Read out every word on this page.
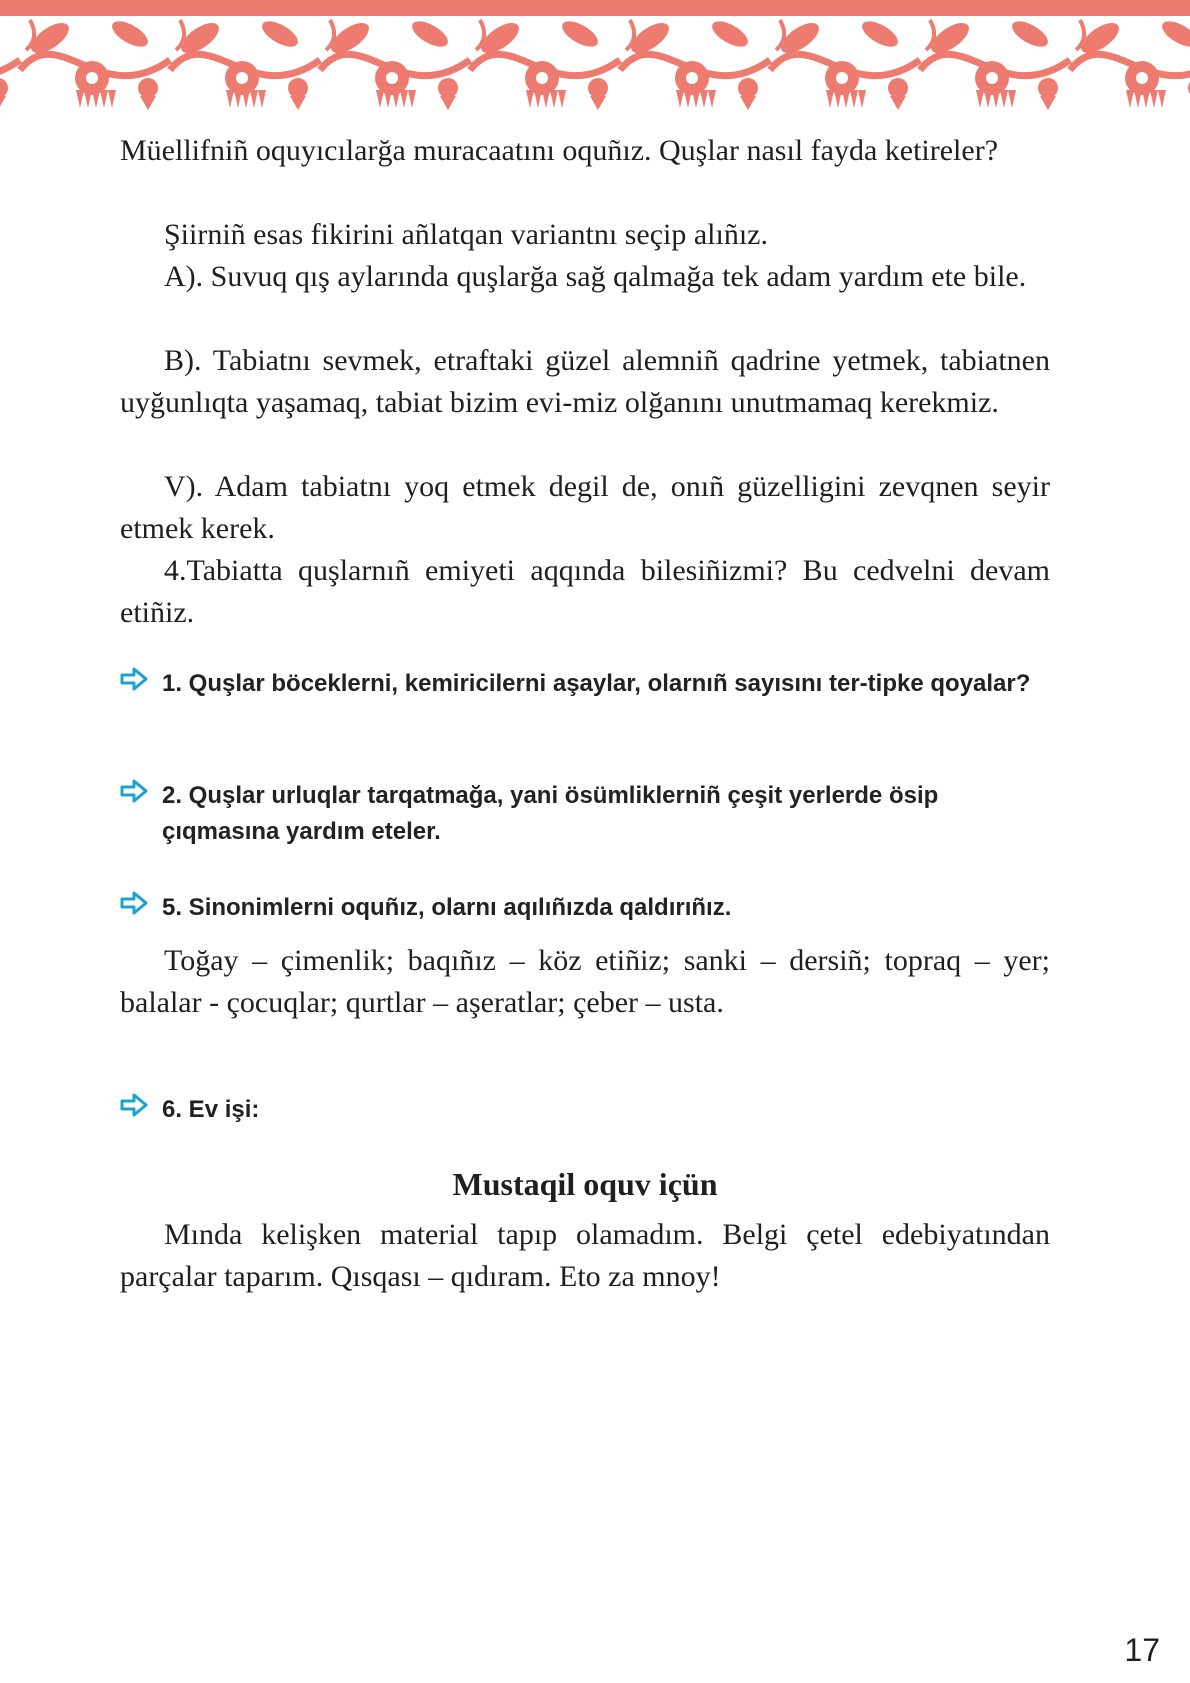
Müellifniñ oquyıcılarğa muracaatını oquñız. Quşlar nasıl fayda ketireler?

Şiirniñ esas fikirini añlatqan variantnı seçip alıñız.

A). Suvuq qış aylarında quşlarğa sağ qalmağa tek adam yardım ete bile.

B). Tabiatnı sevmek, etraftaki güzel alemniñ qadrine yetmek, tabiatnen uyğunlıqta yaşamaq, tabiat bizim evi-miz olğanını unutmamaq kerekmiz.

V). Adam tabiatnı yoq etmek degil de, onıñ güzelligini zevqnen seyir etmek kerek.

4.Tabiatta quşlarnıñ emiyeti aqqında bilesiñizmi? Bu cedvelni devam etiñiz.

1. Quşlar böceklerni, kemiricilerni aşaylar, olarnıñ sayısını ter-tipke qoyalar?
2. Quşlar urluqlar tarqatmağa, yani ösümliklerniñ çeşit yerlerde ösip çıqmasına yardım eteler.
5. Sinonimlerni oquñız, olarnı aqılıñızda qaldırıñız.

Toğay – çimenlik; baqıñız – köz etiñiz; sanki – dersiñ; topraq – yer; balalar - çocuqlar; qurtlar – aşeratlar; çeber – usta.

6. Ev işi:
Mustaqil oquv içün

Mında kelişken material tapıp olamadım. Belgi çetel edebiyatından parçalar taparım. Qısqası – qıdıram. Eto za mnoy!

17
